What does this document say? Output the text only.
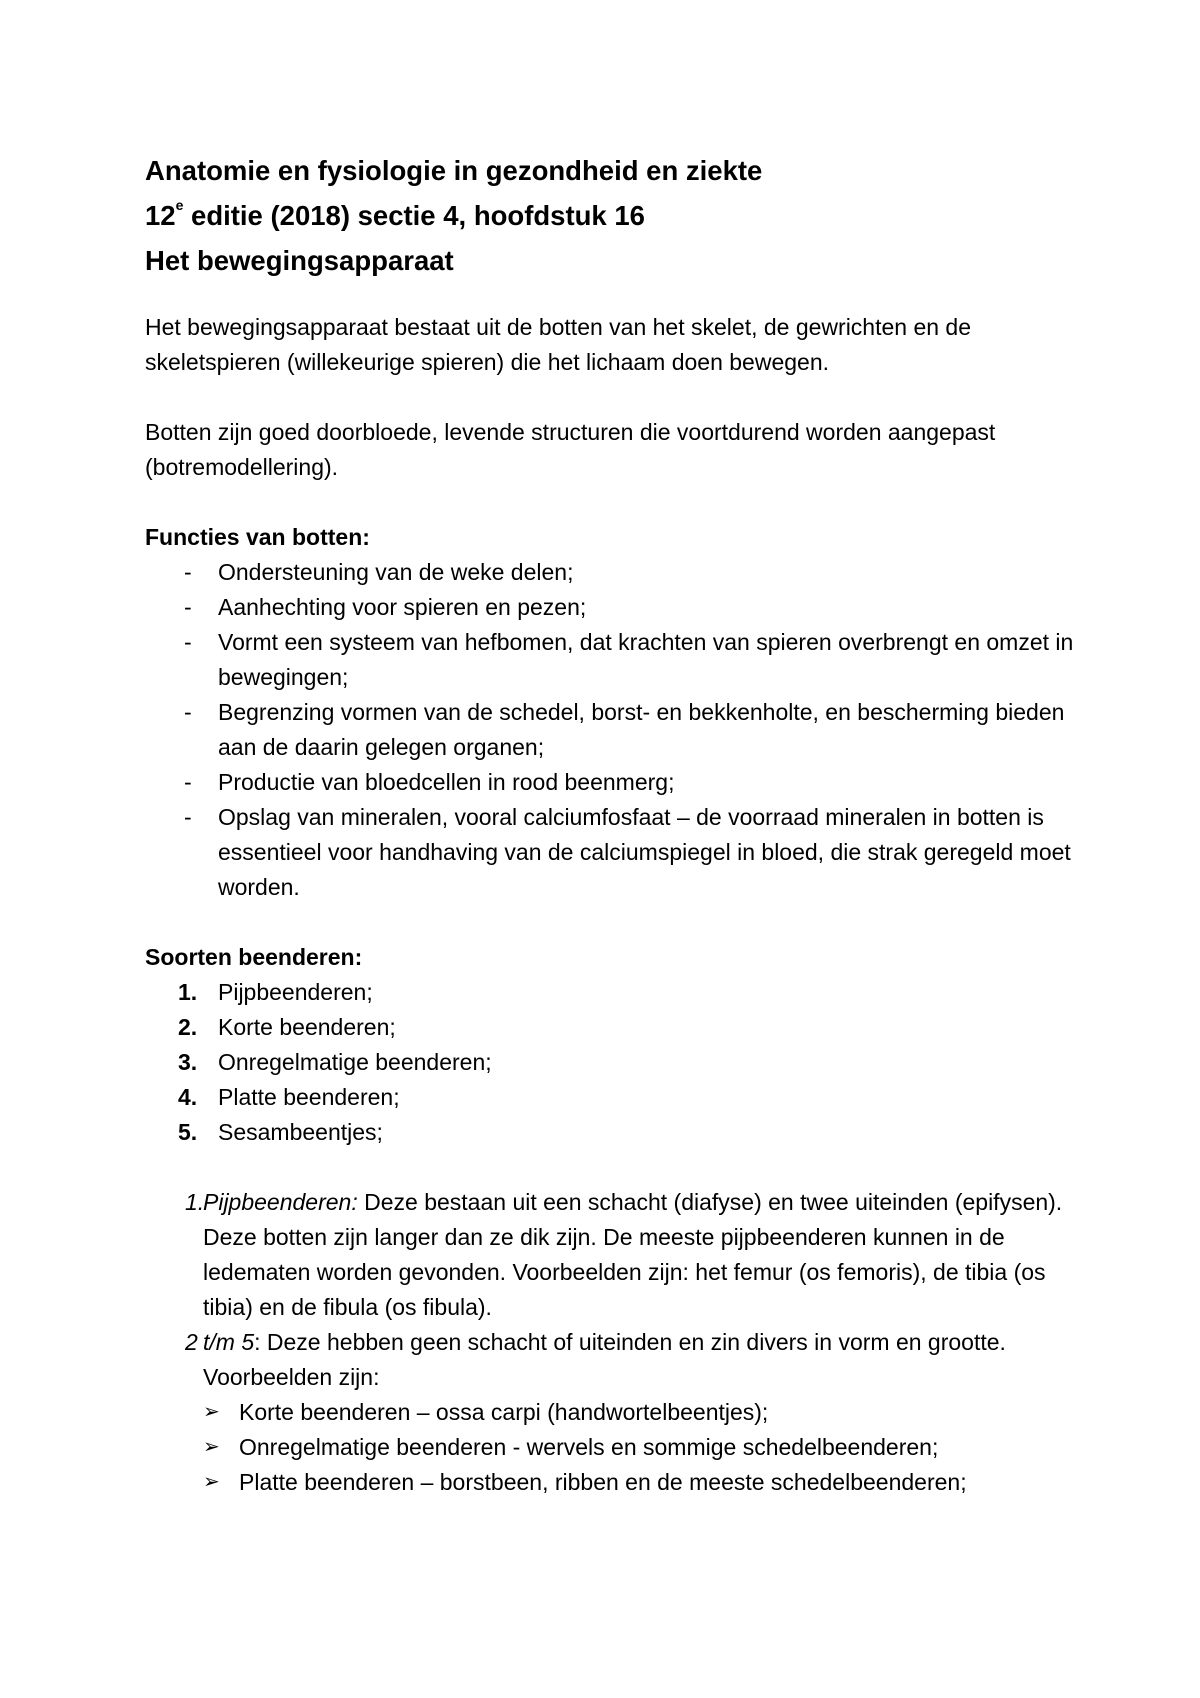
Anatomie en fysiologie in gezondheid en ziekte

12e editie (2018) sectie 4, hoofdstuk 16

Het bewegingsapparaat

Het bewegingsapparaat bestaat uit de botten van het skelet, de gewrichten en de skeletspieren (willekeurige spieren) die het lichaam doen bewegen.

Botten zijn goed doorbloede, levende structuren die voortdurend worden aangepast (botremodellering).

Functies van botten:

- Ondersteuning van de weke delen;
- Aanhechting voor spieren en pezen;
- Vormt een systeem van hefbomen, dat krachten van spieren overbrengt en omzet in bewegingen;
- Begrenzing vormen van de schedel, borst- en bekkenholte, en bescherming bieden aan de daarin gelegen organen;
- Productie van bloedcellen in rood beenmerg;
- Opslag van mineralen, vooral calciumfosfaat – de voorraad mineralen in botten is essentieel voor handhaving van de calciumspiegel in bloed, die strak geregeld moet worden.

Soorten beenderen:

1. Pijpbeenderen;
2. Korte beenderen;
3. Onregelmatige beenderen;
4. Platte beenderen;
5. Sesambeentjes;
1.
Pijpbeenderen: Deze bestaan uit een schacht (diafyse) en twee uiteinden (epifysen). Deze botten zijn langer dan ze dik zijn. De meeste pijpbeenderen kunnen in de ledematen worden gevonden. Voorbeelden zijn: het femur (os femoris), de tibia (os tibia) en de fibula (os fibula).
2 t/m 5: Deze hebben geen schacht of uiteinden en zin divers in vorm en grootte. Voorbeelden zijn:
➢ Korte beenderen – ossa carpi (handwortelbeentjes);
➢ Onregelmatige beenderen - wervels en sommige schedelbeenderen;
➢ Platte beenderen – borstbeen, ribben en de meeste schedelbeenderen;
